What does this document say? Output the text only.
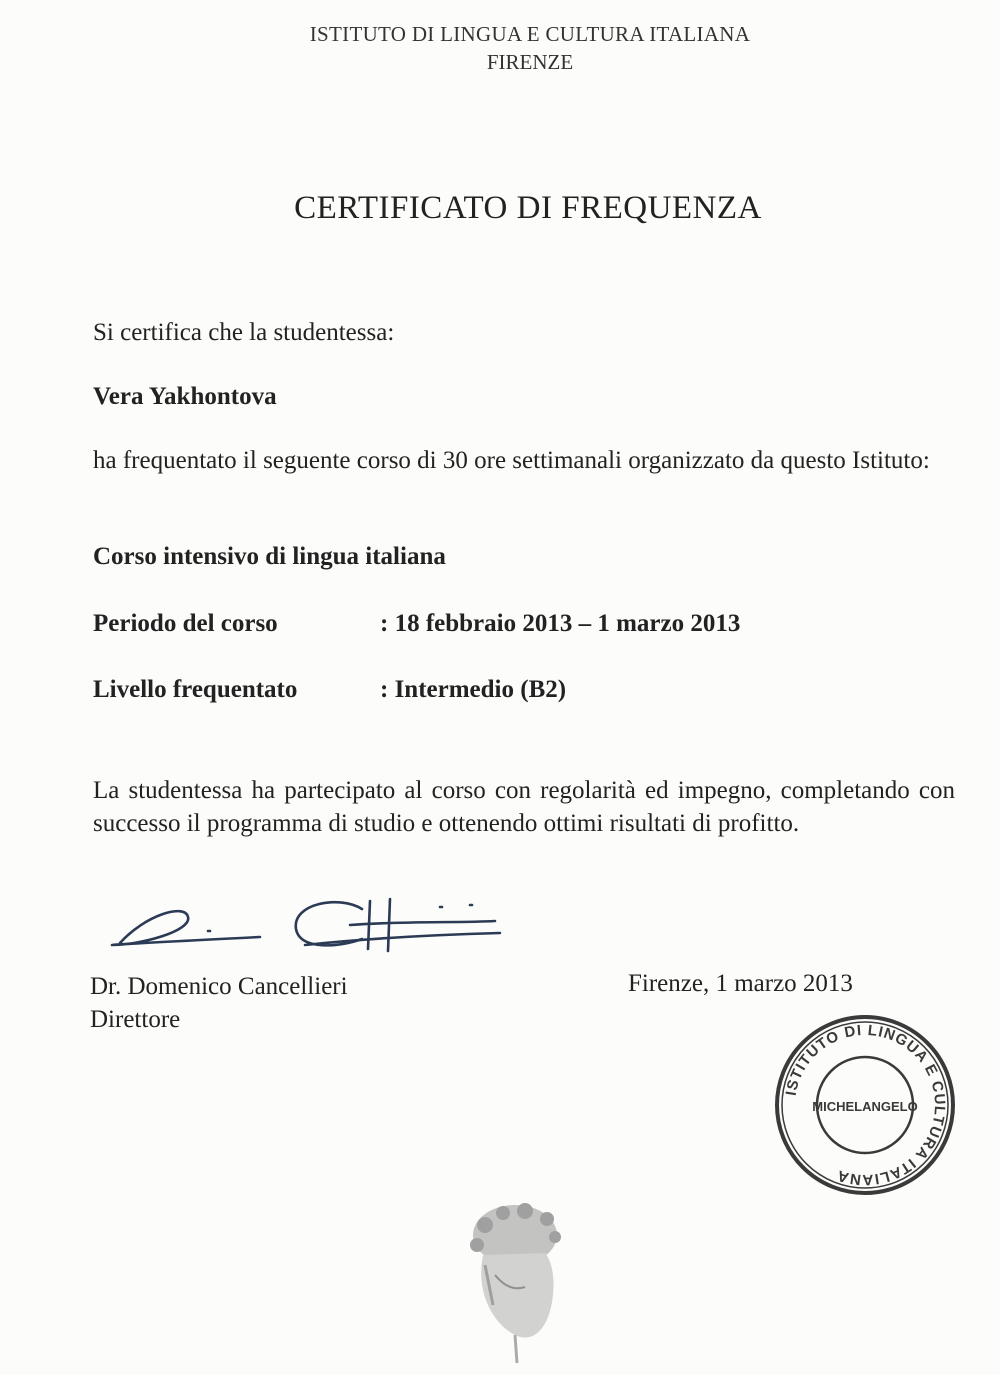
ISTITUTO DI LINGUA E CULTURA ITALIANA
FIRENZE
CERTIFICATO DI FREQUENZA
Si certifica che la studentessa:
Vera Yakhontova
ha frequentato il seguente corso di 30 ore settimanali organizzato da questo Istituto:
Corso intensivo di lingua italiana
Periodo del corso	: 18 febbraio 2013 – 1 marzo 2013
Livello frequentato	: Intermedio (B2)
La studentessa ha partecipato al corso con regolarità ed impegno, completando con successo il programma di studio e ottenendo ottimi risultati di profitto.
Dr. Domenico Cancellieri
Direttore
Firenze, 1 marzo 2013
ISTITUTO DI LINGUA E CULTURA ITALIANA
MICHELANGELO
